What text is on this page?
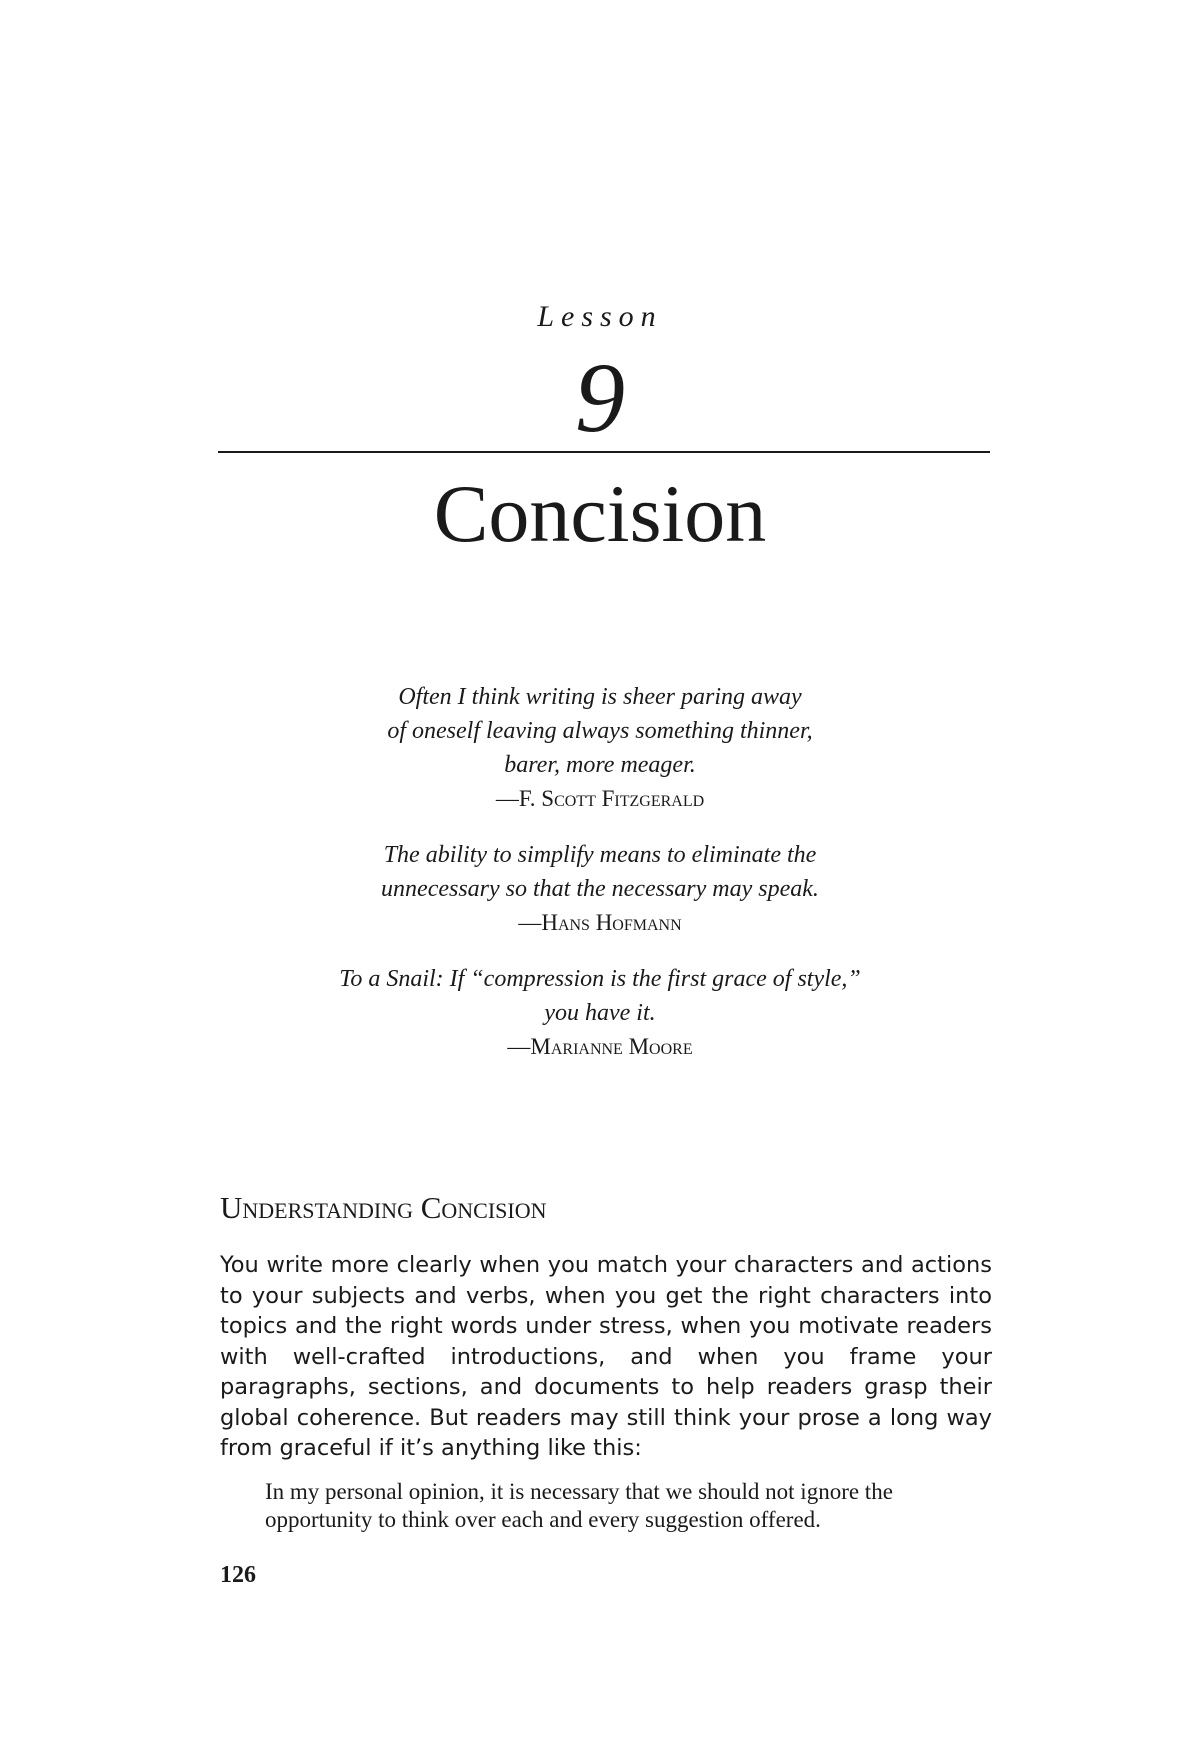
Lesson
9
Concision
Often I think writing is sheer paring away
of oneself leaving always something thinner,
barer, more meager.
—F. Scott Fitzgerald
The ability to simplify means to eliminate the
unnecessary so that the necessary may speak.
—Hans Hofmann
To a Snail: If “compression is the first grace of style,”
you have it.
—Marianne Moore
Understanding Concision

You write more clearly when you match your characters and actions to your subjects and verbs, when you get the right characters into topics and the right words under stress, when you motivate readers with well-crafted introductions, and when you frame your paragraphs, sections, and documents to help readers grasp their global coherence. But readers may still think your prose a long way from graceful if it’s anything like this:

In my personal opinion, it is necessary that we should not ignore the opportunity to think over each and every suggestion offered.

126
